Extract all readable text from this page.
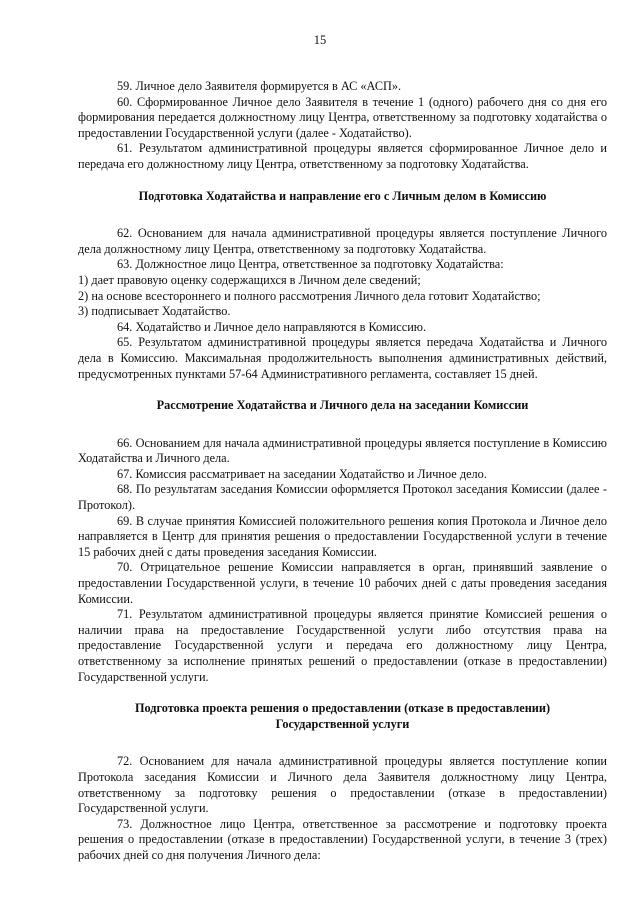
15

59. Личное дело Заявителя формируется в АС «АСП».

60. Сформированное Личное дело Заявителя в течение 1 (одного) рабочего дня со дня его формирования передается должностному лицу Центра, ответственному за подготовку ходатайства о предоставлении Государственной услуги (далее - Ходатайство).

61. Результатом административной процедуры является сформированное Личное дело и передача его должностному лицу Центра, ответственному за подготовку Ходатайства.

Подготовка Ходатайства и направление его с Личным делом в Комиссию

62. Основанием для начала административной процедуры является поступление Личного дела должностному лицу Центра, ответственному за подготовку Ходатайства.

63. Должностное лицо Центра, ответственное за подготовку Ходатайства:

1) дает правовую оценку содержащихся в Личном деле сведений;

2) на основе всестороннего и полного рассмотрения Личного дела готовит Ходатайство;

3) подписывает Ходатайство.

64. Ходатайство и Личное дело направляются в Комиссию.

65. Результатом административной процедуры является передача Ходатайства и Личного дела в Комиссию. Максимальная продолжительность выполнения административных действий, предусмотренных пунктами 57-64 Административного регламента, составляет 15 дней.

Рассмотрение Ходатайства и Личного дела на заседании Комиссии

66. Основанием для начала административной процедуры является поступление в Комиссию Ходатайства и Личного дела.

67. Комиссия рассматривает на заседании Ходатайство и Личное дело.

68. По результатам заседания Комиссии оформляется Протокол заседания Комиссии (далее - Протокол).

69. В случае принятия Комиссией положительного решения копия Протокола и Личное дело направляется в Центр для принятия решения о предоставлении Государственной услуги в течение 15 рабочих дней с даты проведения заседания Комиссии.

70. Отрицательное решение Комиссии направляется в орган, принявший заявление о предоставлении Государственной услуги, в течение 10 рабочих дней с даты проведения заседания Комиссии.

71. Результатом административной процедуры является принятие Комиссией решения о наличии права на предоставление Государственной услуги либо отсутствия права на предоставление Государственной услуги и передача его должностному лицу Центра, ответственному за исполнение принятых решений о предоставлении (отказе в предоставлении) Государственной услуги.

Подготовка проекта решения о предоставлении (отказе в предоставлении)

Государственной услуги

72. Основанием для начала административной процедуры является поступление копии Протокола заседания Комиссии и Личного дела Заявителя должностному лицу Центра, ответственному за подготовку решения о предоставлении (отказе в предоставлении) Государственной услуги.

73. Должностное лицо Центра, ответственное за рассмотрение и подготовку проекта решения о предоставлении (отказе в предоставлении) Государственной услуги, в течение 3 (трех) рабочих дней со дня получения Личного дела:
